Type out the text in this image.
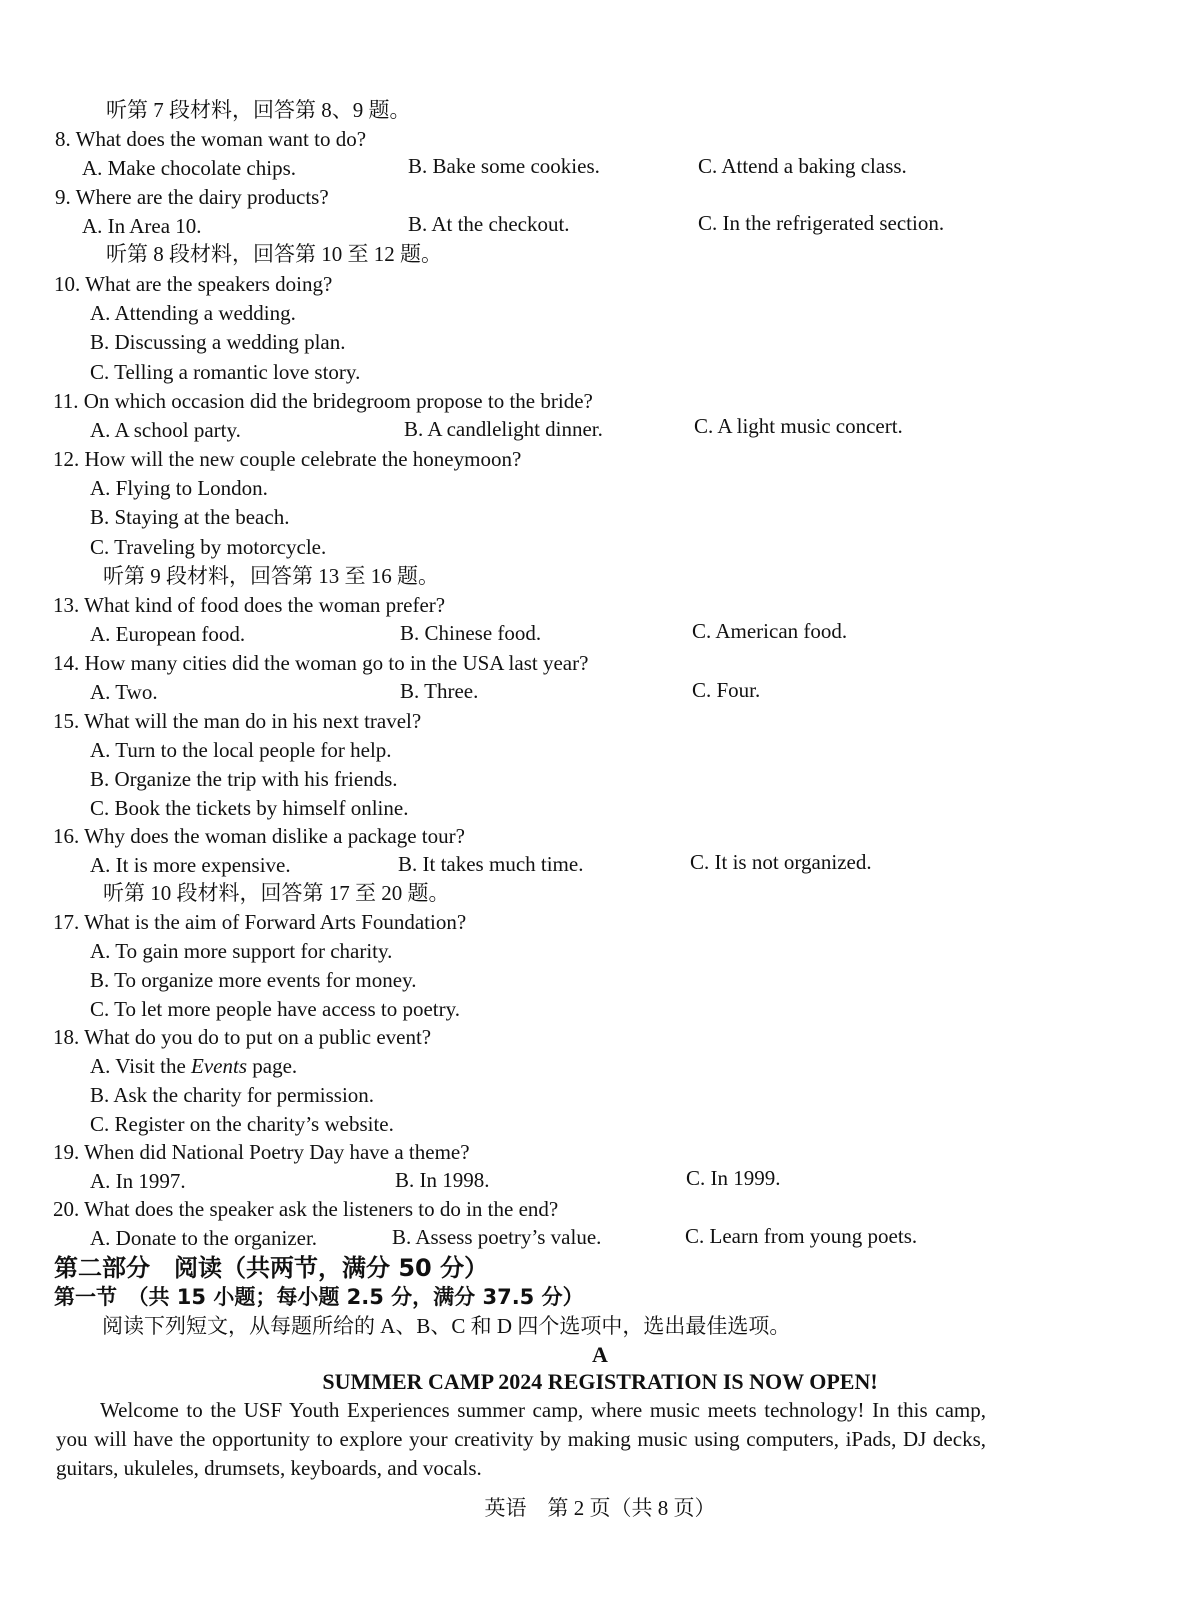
听第 7 段材料，回答第 8、9 题。
8. What does the woman want to do?
A. Make chocolate chips.	B. Bake some cookies.	C. Attend a baking class.
9. Where are the dairy products?
A. In Area 10.	B. At the checkout.	C. In the refrigerated section.
听第 8 段材料，回答第 10 至 12 题。
10. What are the speakers doing?
A. Attending a wedding.
B. Discussing a wedding plan.
C. Telling a romantic love story.
11. On which occasion did the bridegroom propose to the bride?
A. A school party.	B. A candlelight dinner.	C. A light music concert.
12. How will the new couple celebrate the honeymoon?
A. Flying to London.
B. Staying at the beach.
C. Traveling by motorcycle.
听第 9 段材料，回答第 13 至 16 题。
13. What kind of food does the woman prefer?
A. European food.	B. Chinese food.	C. American food.
14. How many cities did the woman go to in the USA last year?
A. Two.	B. Three.	C. Four.
15. What will the man do in his next travel?
A. Turn to the local people for help.
B. Organize the trip with his friends.
C. Book the tickets by himself online.
16. Why does the woman dislike a package tour?
A. It is more expensive.	B. It takes much time.	C. It is not organized.
听第 10 段材料，回答第 17 至 20 题。
17. What is the aim of Forward Arts Foundation?
A. To gain more support for charity.
B. To organize more events for money.
C. To let more people have access to poetry.
18. What do you do to put on a public event?
A. Visit the Events page.
B. Ask the charity for permission.
C. Register on the charity’s website.
19. When did National Poetry Day have a theme?
A. In 1997.	B. In 1998.	C. In 1999.
20. What does the speaker ask the listeners to do in the end?
A. Donate to the organizer.	B. Assess poetry’s value.	C. Learn from young poets.
第二部分　阅读（共两节，满分 50 分）
第一节　（共 15 小题；每小题 2.5 分，满分 37.5 分）
阅读下列短文，从每题所给的 A、B、C 和 D 四个选项中，选出最佳选项。
A
SUMMER CAMP 2024 REGISTRATION IS NOW OPEN!
Welcome to the USF Youth Experiences summer camp, where music meets technology! In this camp, you will have the opportunity to explore your creativity by making music using computers, iPads, DJ decks, guitars, ukuleles, drumsets, keyboards, and vocals.
英语　第 2 页（共 8 页）
